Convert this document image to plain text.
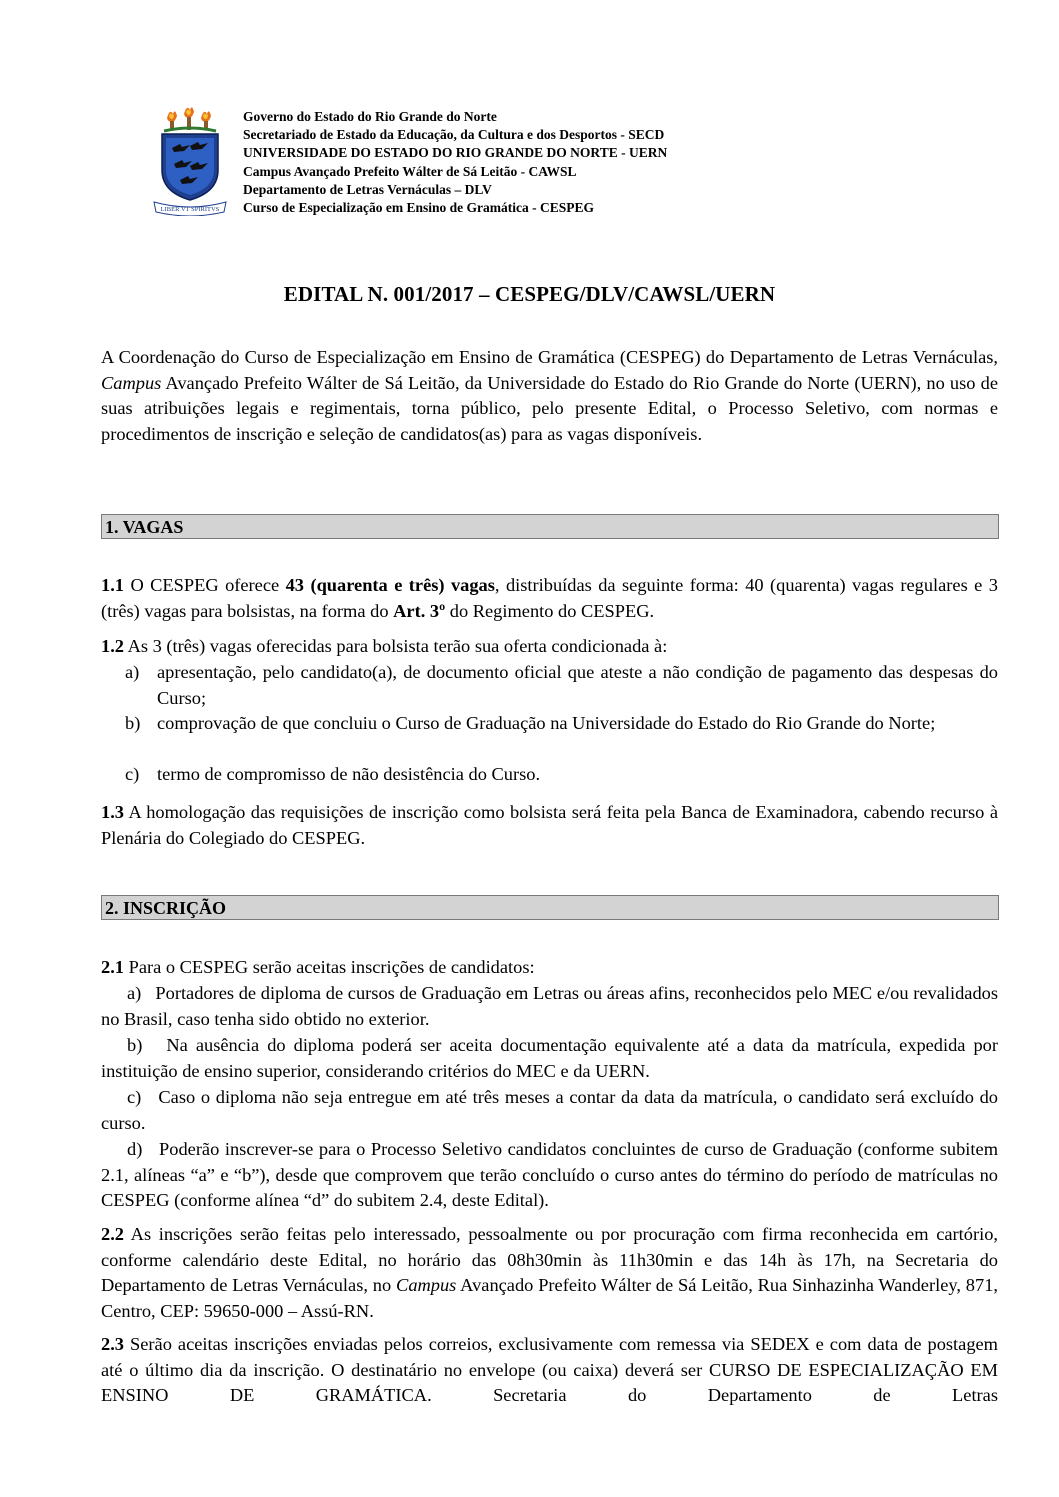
LIBER VT SPIRITVS
Governo do Estado do Rio Grande do Norte
Secretariado de Estado da Educação, da Cultura e dos Desportos - SECD
UNIVERSIDADE DO ESTADO DO RIO GRANDE DO NORTE - UERN
Campus Avançado Prefeito Wálter de Sá Leitão - CAWSL
Departamento de Letras Vernáculas – DLV
Curso de Especialização em Ensino de Gramática - CESPEG
EDITAL N. 001/2017 – CESPEG/DLV/CAWSL/UERN
A Coordenação do Curso de Especialização em Ensino de Gramática (CESPEG) do Departamento de Letras Vernáculas, Campus Avançado Prefeito Wálter de Sá Leitão, da Universidade do Estado do Rio Grande do Norte (UERN), no uso de suas atribuições legais e regimentais, torna público, pelo presente Edital, o Processo Seletivo, com normas e procedimentos de inscrição e seleção de candidatos(as) para as vagas disponíveis.
1. VAGAS
1.1 O CESPEG oferece 43 (quarenta e três) vagas, distribuídas da seguinte forma: 40 (quarenta) vagas regulares e 3 (três) vagas para bolsistas, na forma do Art. 3º do Regimento do CESPEG.
1.2 As 3 (três) vagas oferecidas para bolsista terão sua oferta condicionada à:
a) apresentação, pelo candidato(a), de documento oficial que ateste a não condição de pagamento das despesas do Curso;
b) comprovação de que concluiu o Curso de Graduação na Universidade do Estado do Rio Grande do Norte;
c) termo de compromisso de não desistência do Curso.
1.3 A homologação das requisições de inscrição como bolsista será feita pela Banca de Examinadora, cabendo recurso à Plenária do Colegiado do CESPEG.
2. INSCRIÇÃO
2.1 Para o CESPEG serão aceitas inscrições de candidatos:
a) Portadores de diploma de cursos de Graduação em Letras ou áreas afins, reconhecidos pelo MEC e/ou revalidados no Brasil, caso tenha sido obtido no exterior.
b) Na ausência do diploma poderá ser aceita documentação equivalente até a data da matrícula, expedida por instituição de ensino superior, considerando critérios do MEC e da UERN.
c) Caso o diploma não seja entregue em até três meses a contar da data da matrícula, o candidato será excluído do curso.
d) Poderão inscrever-se para o Processo Seletivo candidatos concluintes de curso de Graduação (conforme subitem 2.1, alíneas “a” e “b”), desde que comprovem que terão concluído o curso antes do término do período de matrículas no CESPEG (conforme alínea “d” do subitem 2.4, deste Edital).
2.2 As inscrições serão feitas pelo interessado, pessoalmente ou por procuração com firma reconhecida em cartório, conforme calendário deste Edital, no horário das 08h30min às 11h30min e das 14h às 17h, na Secretaria do Departamento de Letras Vernáculas, no Campus Avançado Prefeito Wálter de Sá Leitão, Rua Sinhazinha Wanderley, 871, Centro, CEP: 59650-000 – Assú-RN.
2.3 Serão aceitas inscrições enviadas pelos correios, exclusivamente com remessa via SEDEX e com data de postagem até o último dia da inscrição. O destinatário no envelope (ou caixa) deverá ser CURSO DE ESPECIALIZAÇÃO EM ENSINO DE GRAMÁTICA. Secretaria do Departamento de Letras
